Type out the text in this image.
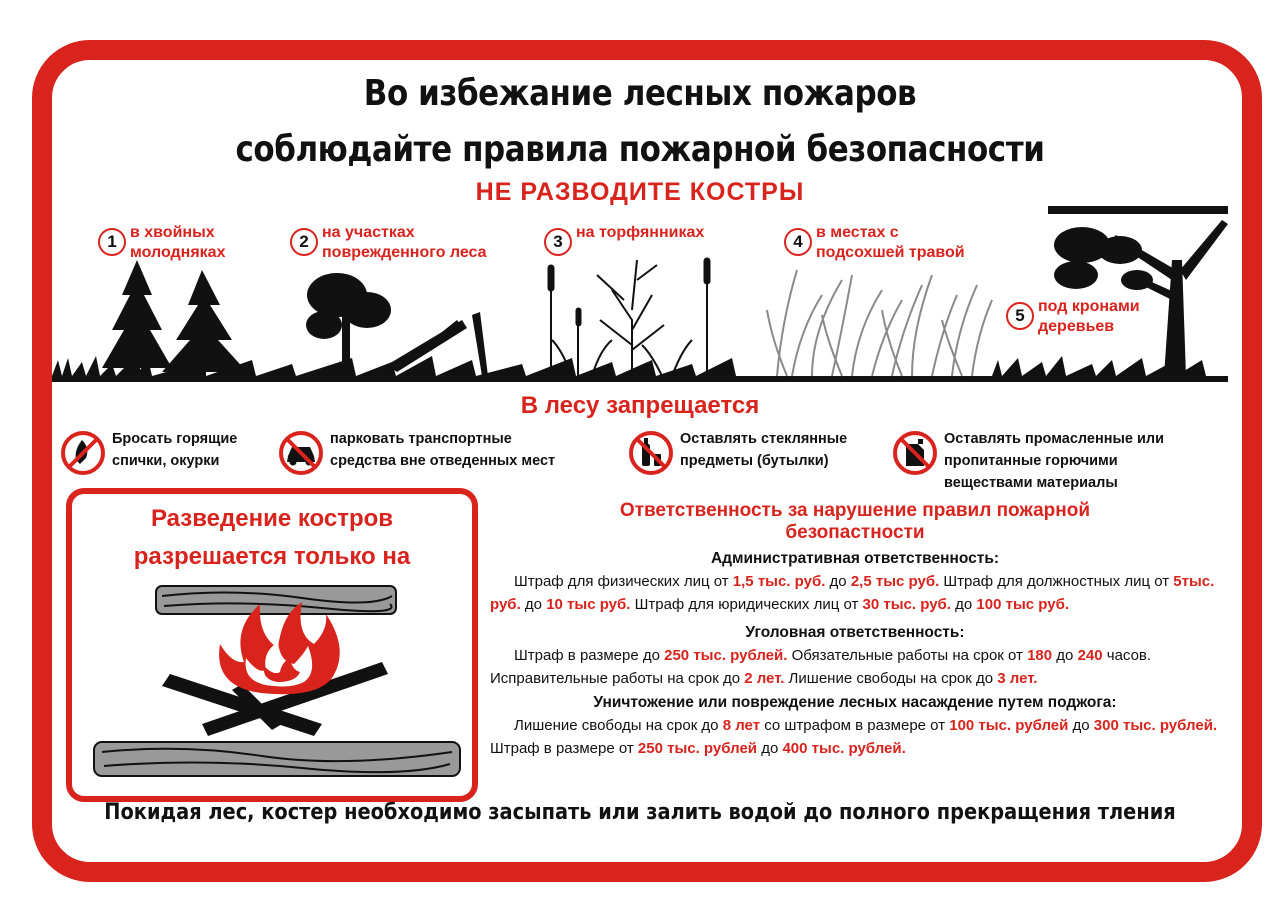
Во избежание лесных пожаров
соблюдайте правила пожарной безопасности
НЕ РАЗВОДИТЕ КОСТРЫ
1 в хвойных
молодняках
2 на участках
поврежденного леса
3 на торфянниках	4 в местах с
подсохшей травой
5 под кронами
деревьев
В лесу запрещается
Бросать горящие
спички, окурки
парковать транспортные
средства вне отведенных мест
Оставлять стеклянные
предметы (бутылки)
Оставлять промасленные или
пропитанные горючими
веществами материалы
Разведение костров
разрешается только на
Ответственность за нарушение правил пожарной
безопастности
Административная ответственность:
Штраф для физических лиц от 1,5 тыс. руб. до 2,5 тыс руб. Штраф для должностных лиц от 5тыс. руб. до 10 тыс руб. Штраф для юридических лиц от 30 тыс. руб. до 100 тыс руб.
Уголовная ответственность:
Штраф в размере до 250 тыс. рублей. Обязательные работы на срок от 180 до 240 часов. Исправительные работы на срок до 2 лет. Лишение свободы на срок до 3 лет.
Уничтожение или повреждение лесных насаждение путем поджога:
Лишение свободы на срок до 8 лет со штрафом в размере от 100 тыс. рублей до 300 тыс. рублей. Штраф в размере от 250 тыс. рублей до 400 тыс. рублей.
Покидая лес, костер необходимо засыпать или залить водой до полного прекращения тления
